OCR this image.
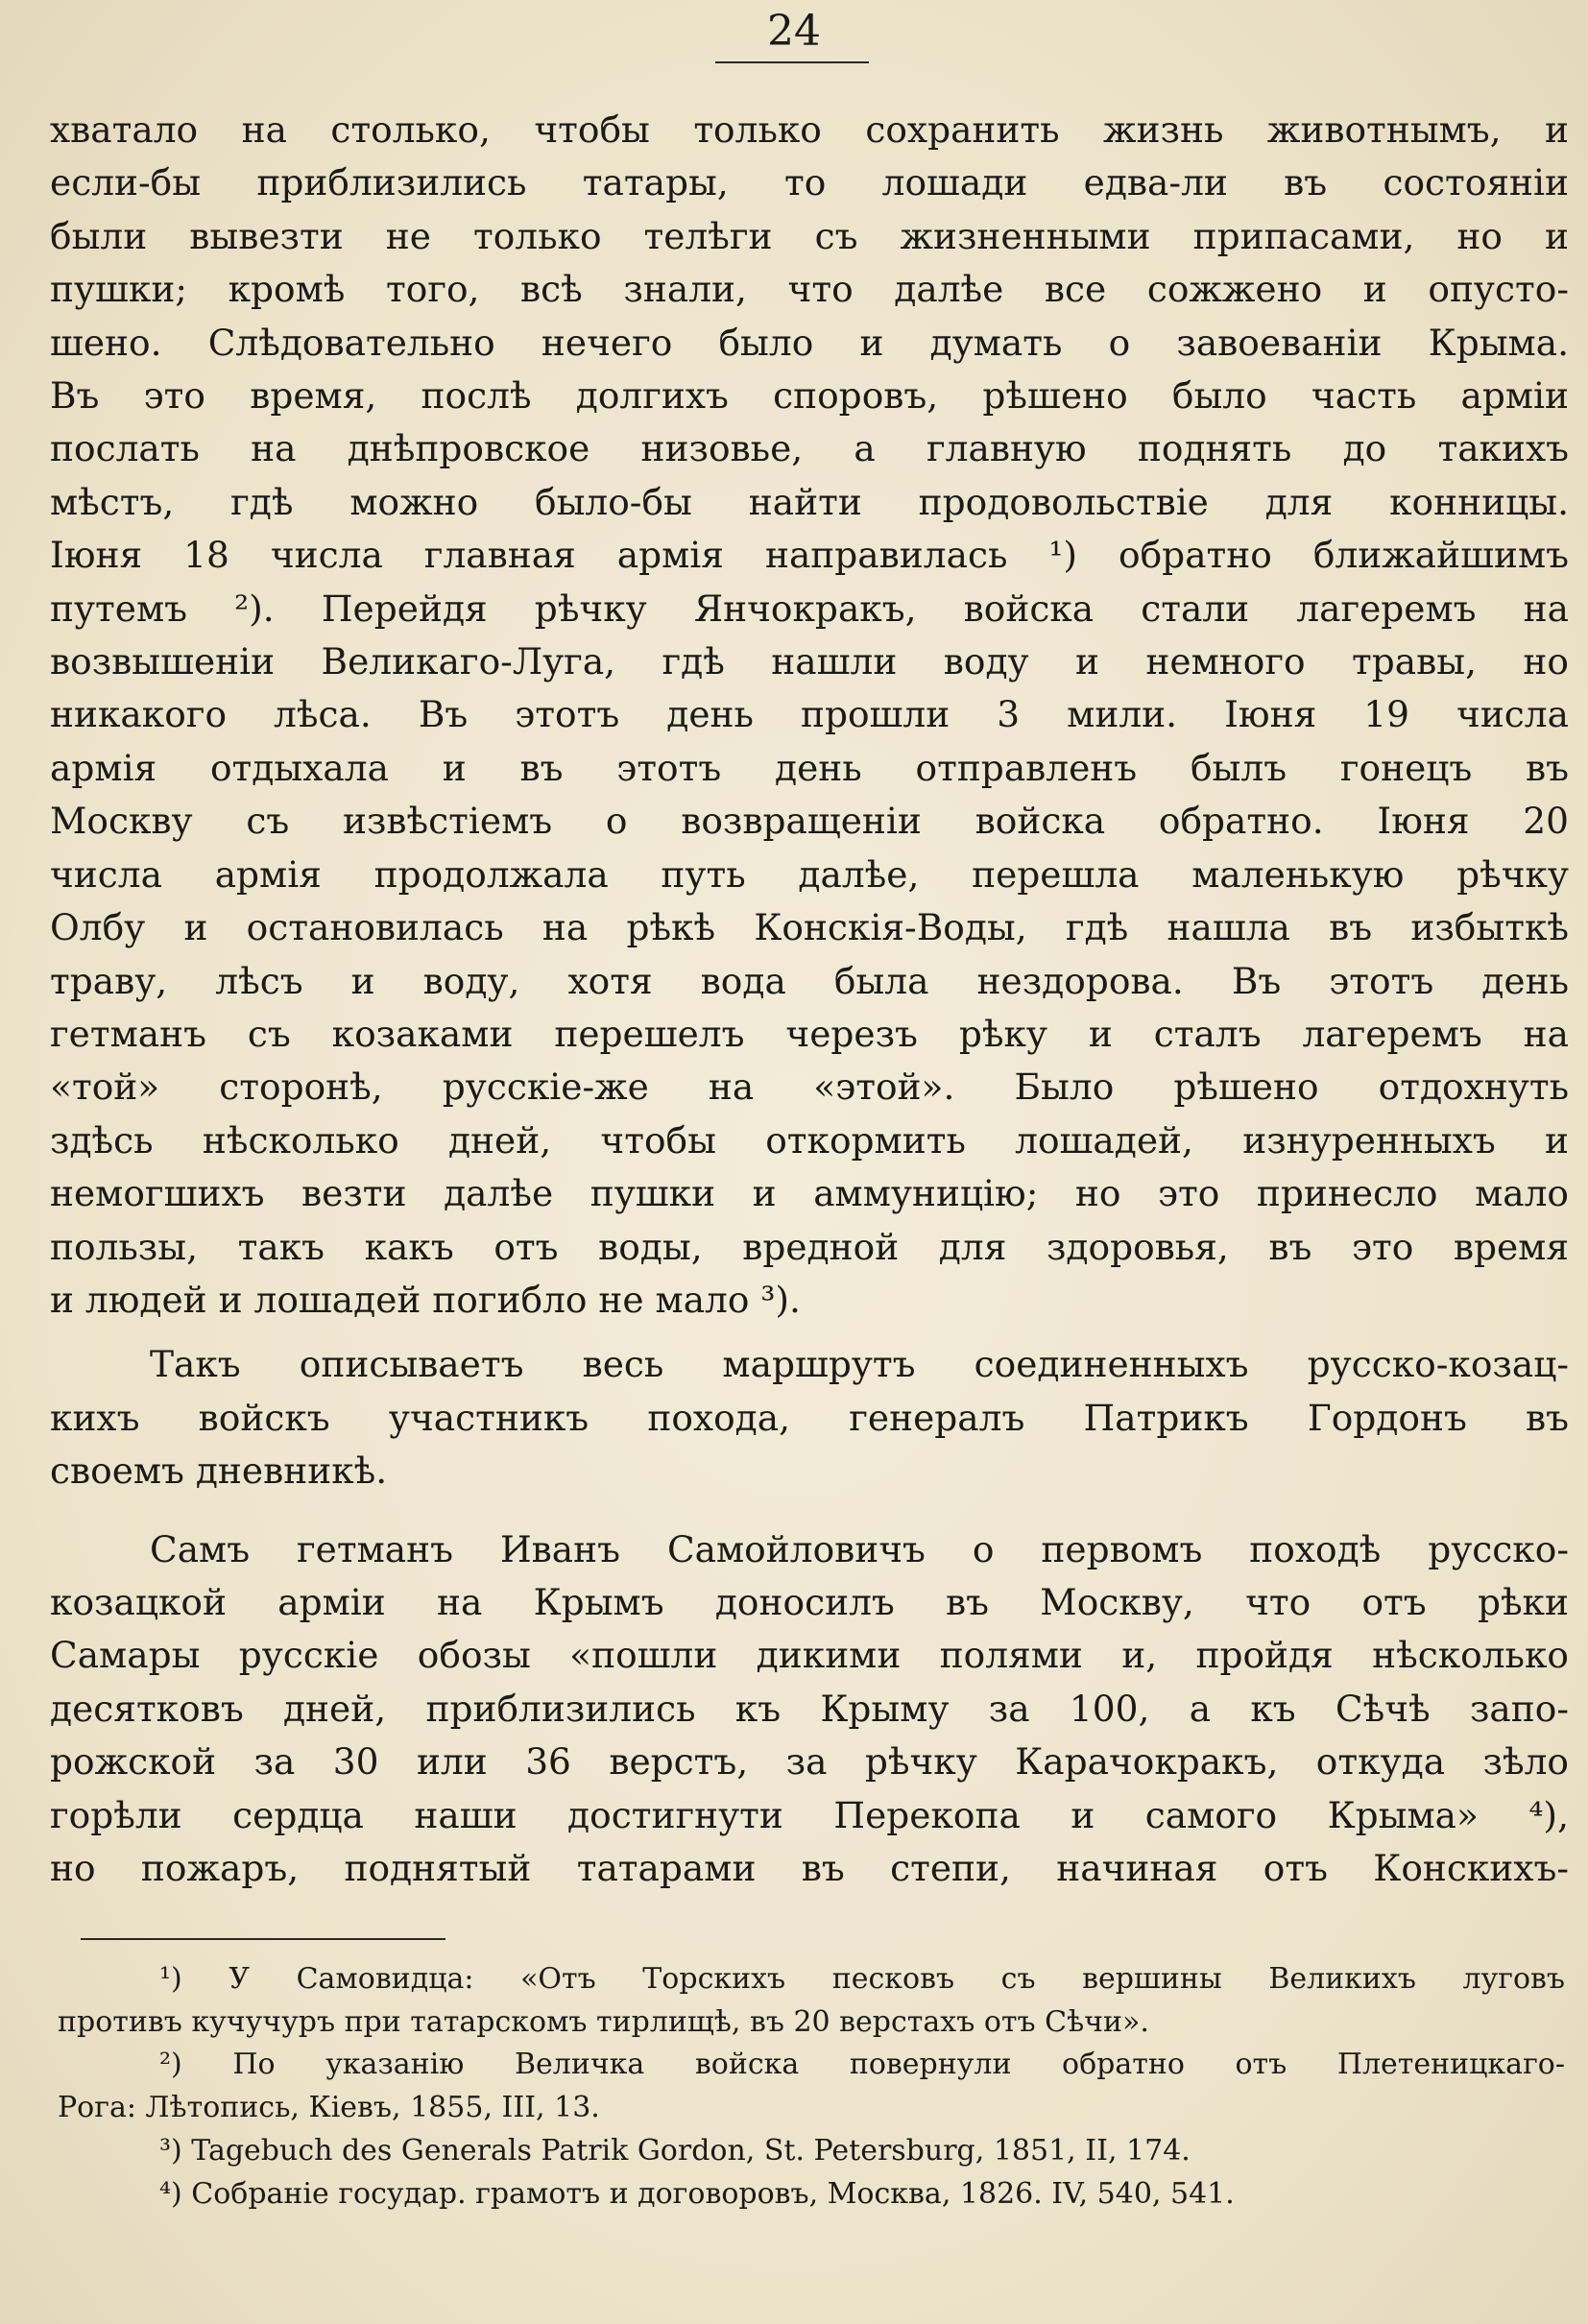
24

хватало на столько, чтобы только сохранить жизнь животнымъ, и

если-бы приблизились татары, то лошади едва-ли въ состоянiи

были вывезти не только телѣги съ жизненными припасами, но и

пушки; кромѣ того, всѣ знали, что далѣе все сожжено и опусто-

шено. Слѣдовательно нечего было и думать о завоеванiи Крыма.

Въ это время, послѣ долгихъ споровъ, рѣшено было часть армiи

послать на днѣпровское низовье, а главную поднять до такихъ

мѣстъ, гдѣ можно было-бы найти продовольствiе для конницы.

Iюня 18 числа главная армiя направилась ¹) обратно ближайшимъ

путемъ ²). Перейдя рѣчку Янчокракъ, войска стали лагеремъ на

возвышенiи Великаго-Луга, гдѣ нашли воду и немного травы, но

никакого лѣса. Въ этотъ день прошли 3 мили. Iюня 19 числа

армiя отдыхала и въ этотъ день отправленъ былъ гонецъ въ

Москву съ извѣстiемъ о возвращенiи войска обратно. Iюня 20

числа армiя продолжала путь далѣе, перешла маленькую рѣчку

Олбу и остановилась на рѣкѣ Конскiя-Воды, гдѣ нашла въ избыткѣ

траву, лѣсъ и воду, хотя вода была нездорова. Въ этотъ день

гетманъ съ козаками перешелъ черезъ рѣку и сталъ лагеремъ на

«той» сторонѣ, русскiе-же на «этой». Было рѣшено отдохнуть

здѣсь нѣсколько дней, чтобы откормить лошадей, изнуренныхъ и

немогшихъ везти далѣе пушки и аммуницiю; но это принесло мало

пользы, такъ какъ отъ воды, вредной для здоровья, въ это время

и людей и лошадей погибло не мало ³).

Такъ описываетъ весь маршрутъ соединенныхъ русско-козац-

кихъ войскъ участникъ похода, генералъ Патрикъ Гордонъ въ

своемъ дневникѣ.

Самъ гетманъ Иванъ Самойловичъ о первомъ походѣ русско-

козацкой армiи на Крымъ доносилъ въ Москву, что отъ рѣки

Самары русскiе обозы «пошли дикими полями и, пройдя нѣсколько

десятковъ дней, приблизились къ Крыму за 100, а къ Сѣчѣ запо-

рожской за 30 или 36 верстъ, за рѣчку Карачокракъ, откуда зѣло

горѣли сердца наши достигнути Перекопа и самого Крыма» ⁴),

но пожаръ, поднятый татарами въ степи, начиная отъ Конскихъ-

¹) У Самовидца: «Отъ Торскихъ песковъ съ вершины Великихъ луговъ

противъ кучучуръ при татарскомъ тирлищѣ, въ 20 верстахъ отъ Сѣчи».

²) По указанiю Величка войска повернули обратно отъ Плетеницкаго-

Рога: Лѣтопись, Кiевъ, 1855, III, 13.

³) Tagebuch des Generals Patrik Gordon, St. Petersburg, 1851, II, 174.

⁴) Собранiе государ. грамотъ и договоровъ, Москва, 1826. IV, 540, 541.
